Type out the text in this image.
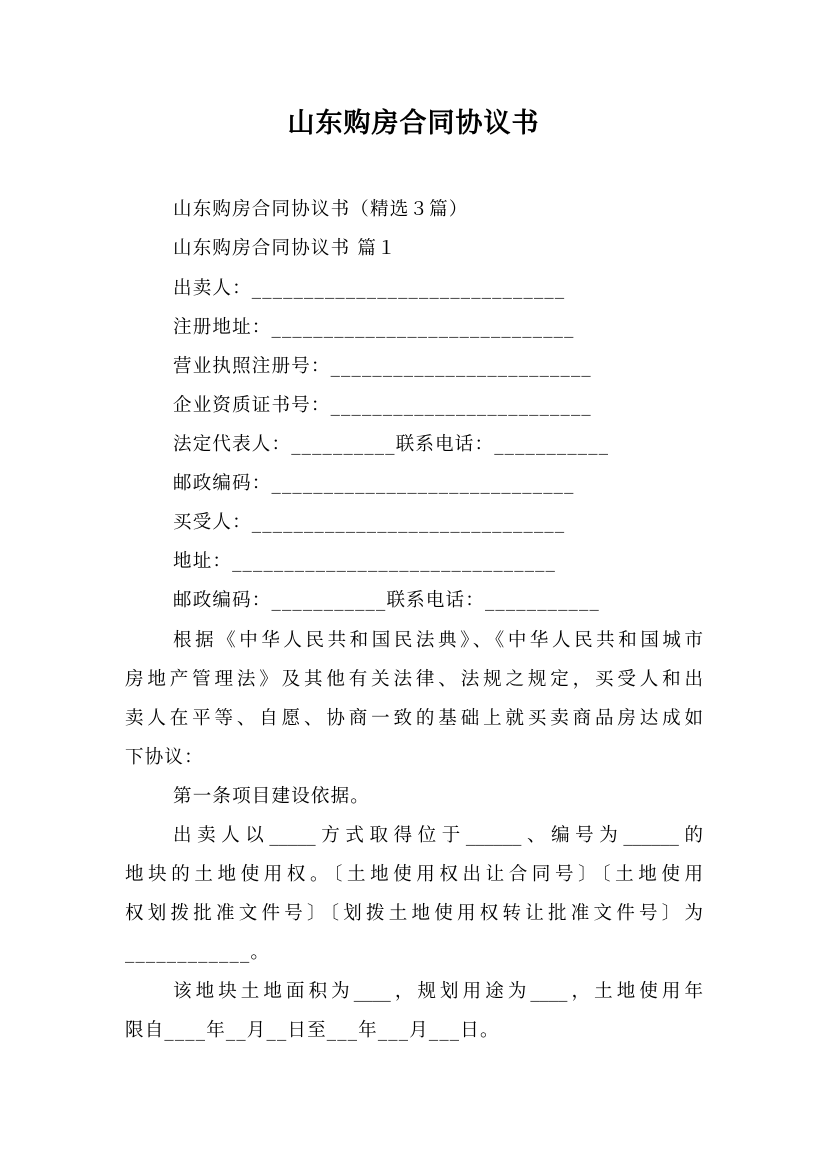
山东购房合同协议书
山东购房合同协议书（精选３篇）
山东购房合同协议书 篇１
出卖人：______________________________
注册地址：_____________________________
营业执照注册号：_________________________
企业资质证书号：_________________________
法定代表人：__________联系电话：___________
邮政编码：_____________________________
买受人：______________________________
地址：_______________________________
邮政编码：___________联系电话：___________
根据《中华人民共和国民法典》、《中华人民共和国城市
房地产管理法》及其他有关法律、法规之规定，买受人和出
卖人在平等、自愿、协商一致的基础上就买卖商品房达成如
下协议：
第一条项目建设依据。
出卖人以_____方式取得位于______、编号为______的
地块的土地使用权。〔土地使用权出让合同号〕〔土地使用
权划拨批准文件号〕〔划拨土地使用权转让批准文件号〕为
____________。
该地块土地面积为____，规划用途为____，土地使用年
限自____年__月__日至___年___月___日。
